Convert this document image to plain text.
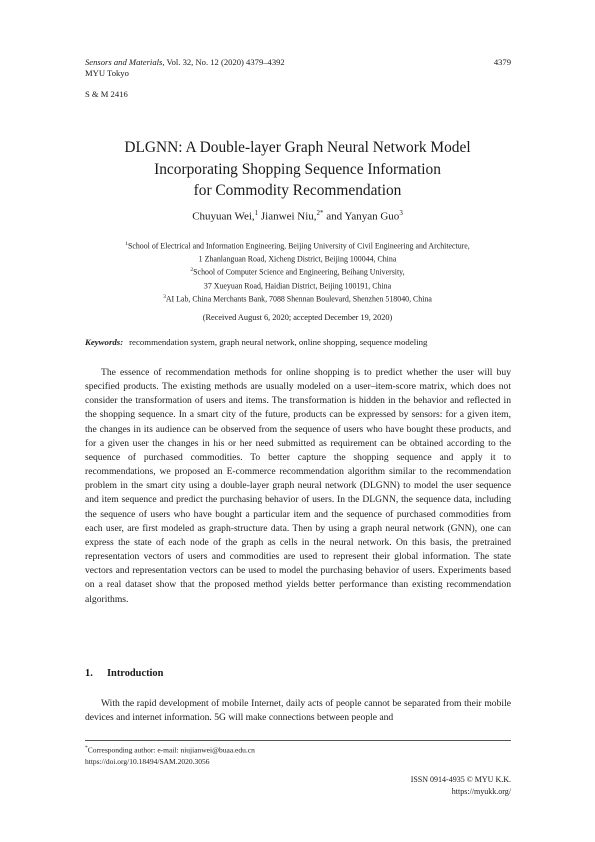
Sensors and Materials, Vol. 32, No. 12 (2020) 4379–4392
MYU Tokyo
4379
S & M 2416
DLGNN: A Double-layer Graph Neural Network Model
Incorporating Shopping Sequence Information
for Commodity Recommendation
Chuyuan Wei,$^1$ Jianwei Niu,$^{2*}$ and Yanyan Guo$^3$
$^1$School of Electrical and Information Engineering, Beijing University of Civil Engineering and Architecture,
1 Zhanlanguan Road, Xicheng District, Beijing 100044, China
$^2$School of Computer Science and Engineering, Beihang University,
37 Xueyuan Road, Haidian District, Beijing 100191, China
$^3$AI Lab, China Merchants Bank, 7088 Shennan Boulevard, Shenzhen 518040, China
(Received August 6, 2020; accepted December 19, 2020)
Keywords: recommendation system, graph neural network, online shopping, sequence modeling
The essence of recommendation methods for online shopping is to predict whether the user will buy specified products. The existing methods are usually modeled on a user–item-score matrix, which does not consider the transformation of users and items. The transformation is hidden in the behavior and reflected in the shopping sequence. In a smart city of the future, products can be expressed by sensors: for a given item, the changes in its audience can be observed from the sequence of users who have bought these products, and for a given user the changes in his or her need submitted as requirement can be obtained according to the sequence of purchased commodities. To better capture the shopping sequence and apply it to recommendations, we proposed an E-commerce recommendation algorithm similar to the recommendation problem in the smart city using a double-layer graph neural network (DLGNN) to model the user sequence and item sequence and predict the purchasing behavior of users. In the DLGNN, the sequence data, including the sequence of users who have bought a particular item and the sequence of purchased commodities from each user, are first modeled as graph-structure data. Then by using a graph neural network (GNN), one can express the state of each node of the graph as cells in the neural network. On this basis, the pretrained representation vectors of users and commodities are used to represent their global information. The state vectors and representation vectors can be used to model the purchasing behavior of users. Experiments based on a real dataset show that the proposed method yields better performance than existing recommendation algorithms.
1. Introduction
With the rapid development of mobile Internet, daily acts of people cannot be separated from their mobile devices and internet information. 5G will make connections between people and
*Corresponding author: e-mail: niujianwei@buaa.edu.cn
https://doi.org/10.18494/SAM.2020.3056
ISSN 0914-4935 © MYU K.K.
https://myukk.org/
